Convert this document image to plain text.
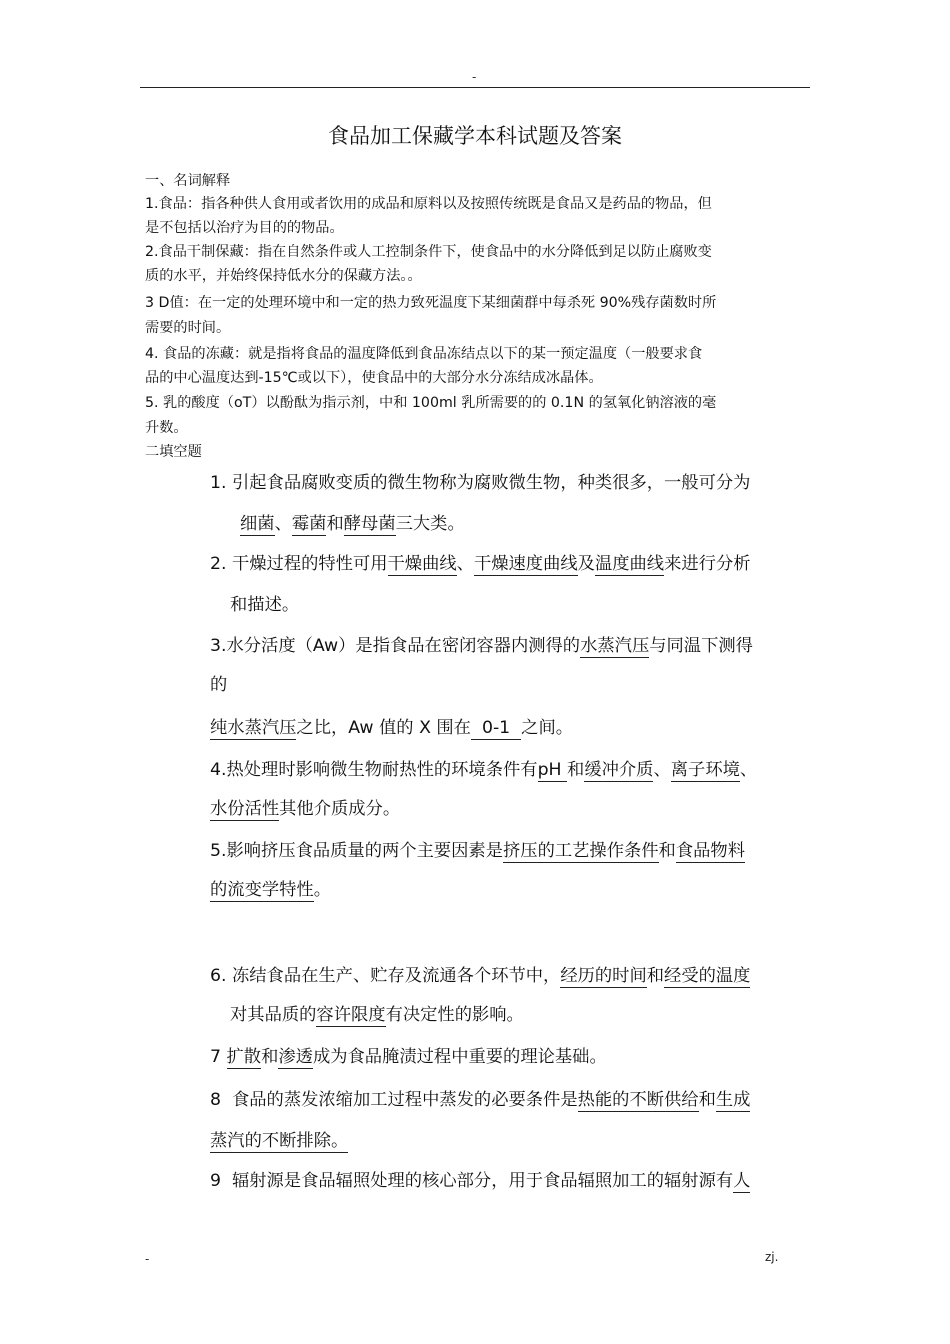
-
食品加工保藏学本科试题及答案
一、名词解释
1.食品：指各种供人食用或者饮用的成品和原料以及按照传统既是食品又是药品的物品，但
是不包括以治疗为目的的物品。
2.食品干制保藏：指在自然条件或人工控制条件下，使食品中的水分降低到足以防止腐败变
质的水平，并始终保持低水分的保藏方法。。
3 D值：在一定的处理环境中和一定的热力致死温度下某细菌群中每杀死 90%残存菌数时所
需要的时间。
4. 食品的冻藏：就是指将食品的温度降低到食品冻结点以下的某一预定温度（一般要求食
品的中心温度达到-15℃或以下），使食品中的大部分水分冻结成冰晶体。
5. 乳的酸度（oT）以酚酞为指示剂，中和 100ml 乳所需要的的 0.1N 的氢氧化钠溶液的毫
升数。
二填空题
1. 引起食品腐败变质的微生物称为腐败微生物，种类很多，一般可分为
细菌、霉菌和酵母菌三大类。
2. 干燥过程的特性可用干燥曲线、干燥速度曲线及温度曲线来进行分析
和描述。
3.水分活度（Aw）是指食品在密闭容器内测得的水蒸汽压与同温下测得
的
纯水蒸汽压之比，Aw 值的 X 围在  0-1  之间。
4.热处理时影响微生物耐热性的环境条件有pH 和缓冲介质、离子环境、
水份活性其他介质成分。
5.影响挤压食品质量的两个主要因素是挤压的工艺操作条件和食品物料
的流变学特性。
6. 冻结食品在生产、贮存及流通各个环节中，经历的时间和经受的温度
对其品质的容许限度有决定性的影响。
7 扩散和渗透成为食品腌渍过程中重要的理论基础。
8  食品的蒸发浓缩加工过程中蒸发的必要条件是热能的不断供给和生成
蒸汽的不断排除。
9  辐射源是食品辐照处理的核心部分，用于食品辐照加工的辐射源有人
-	zj.
